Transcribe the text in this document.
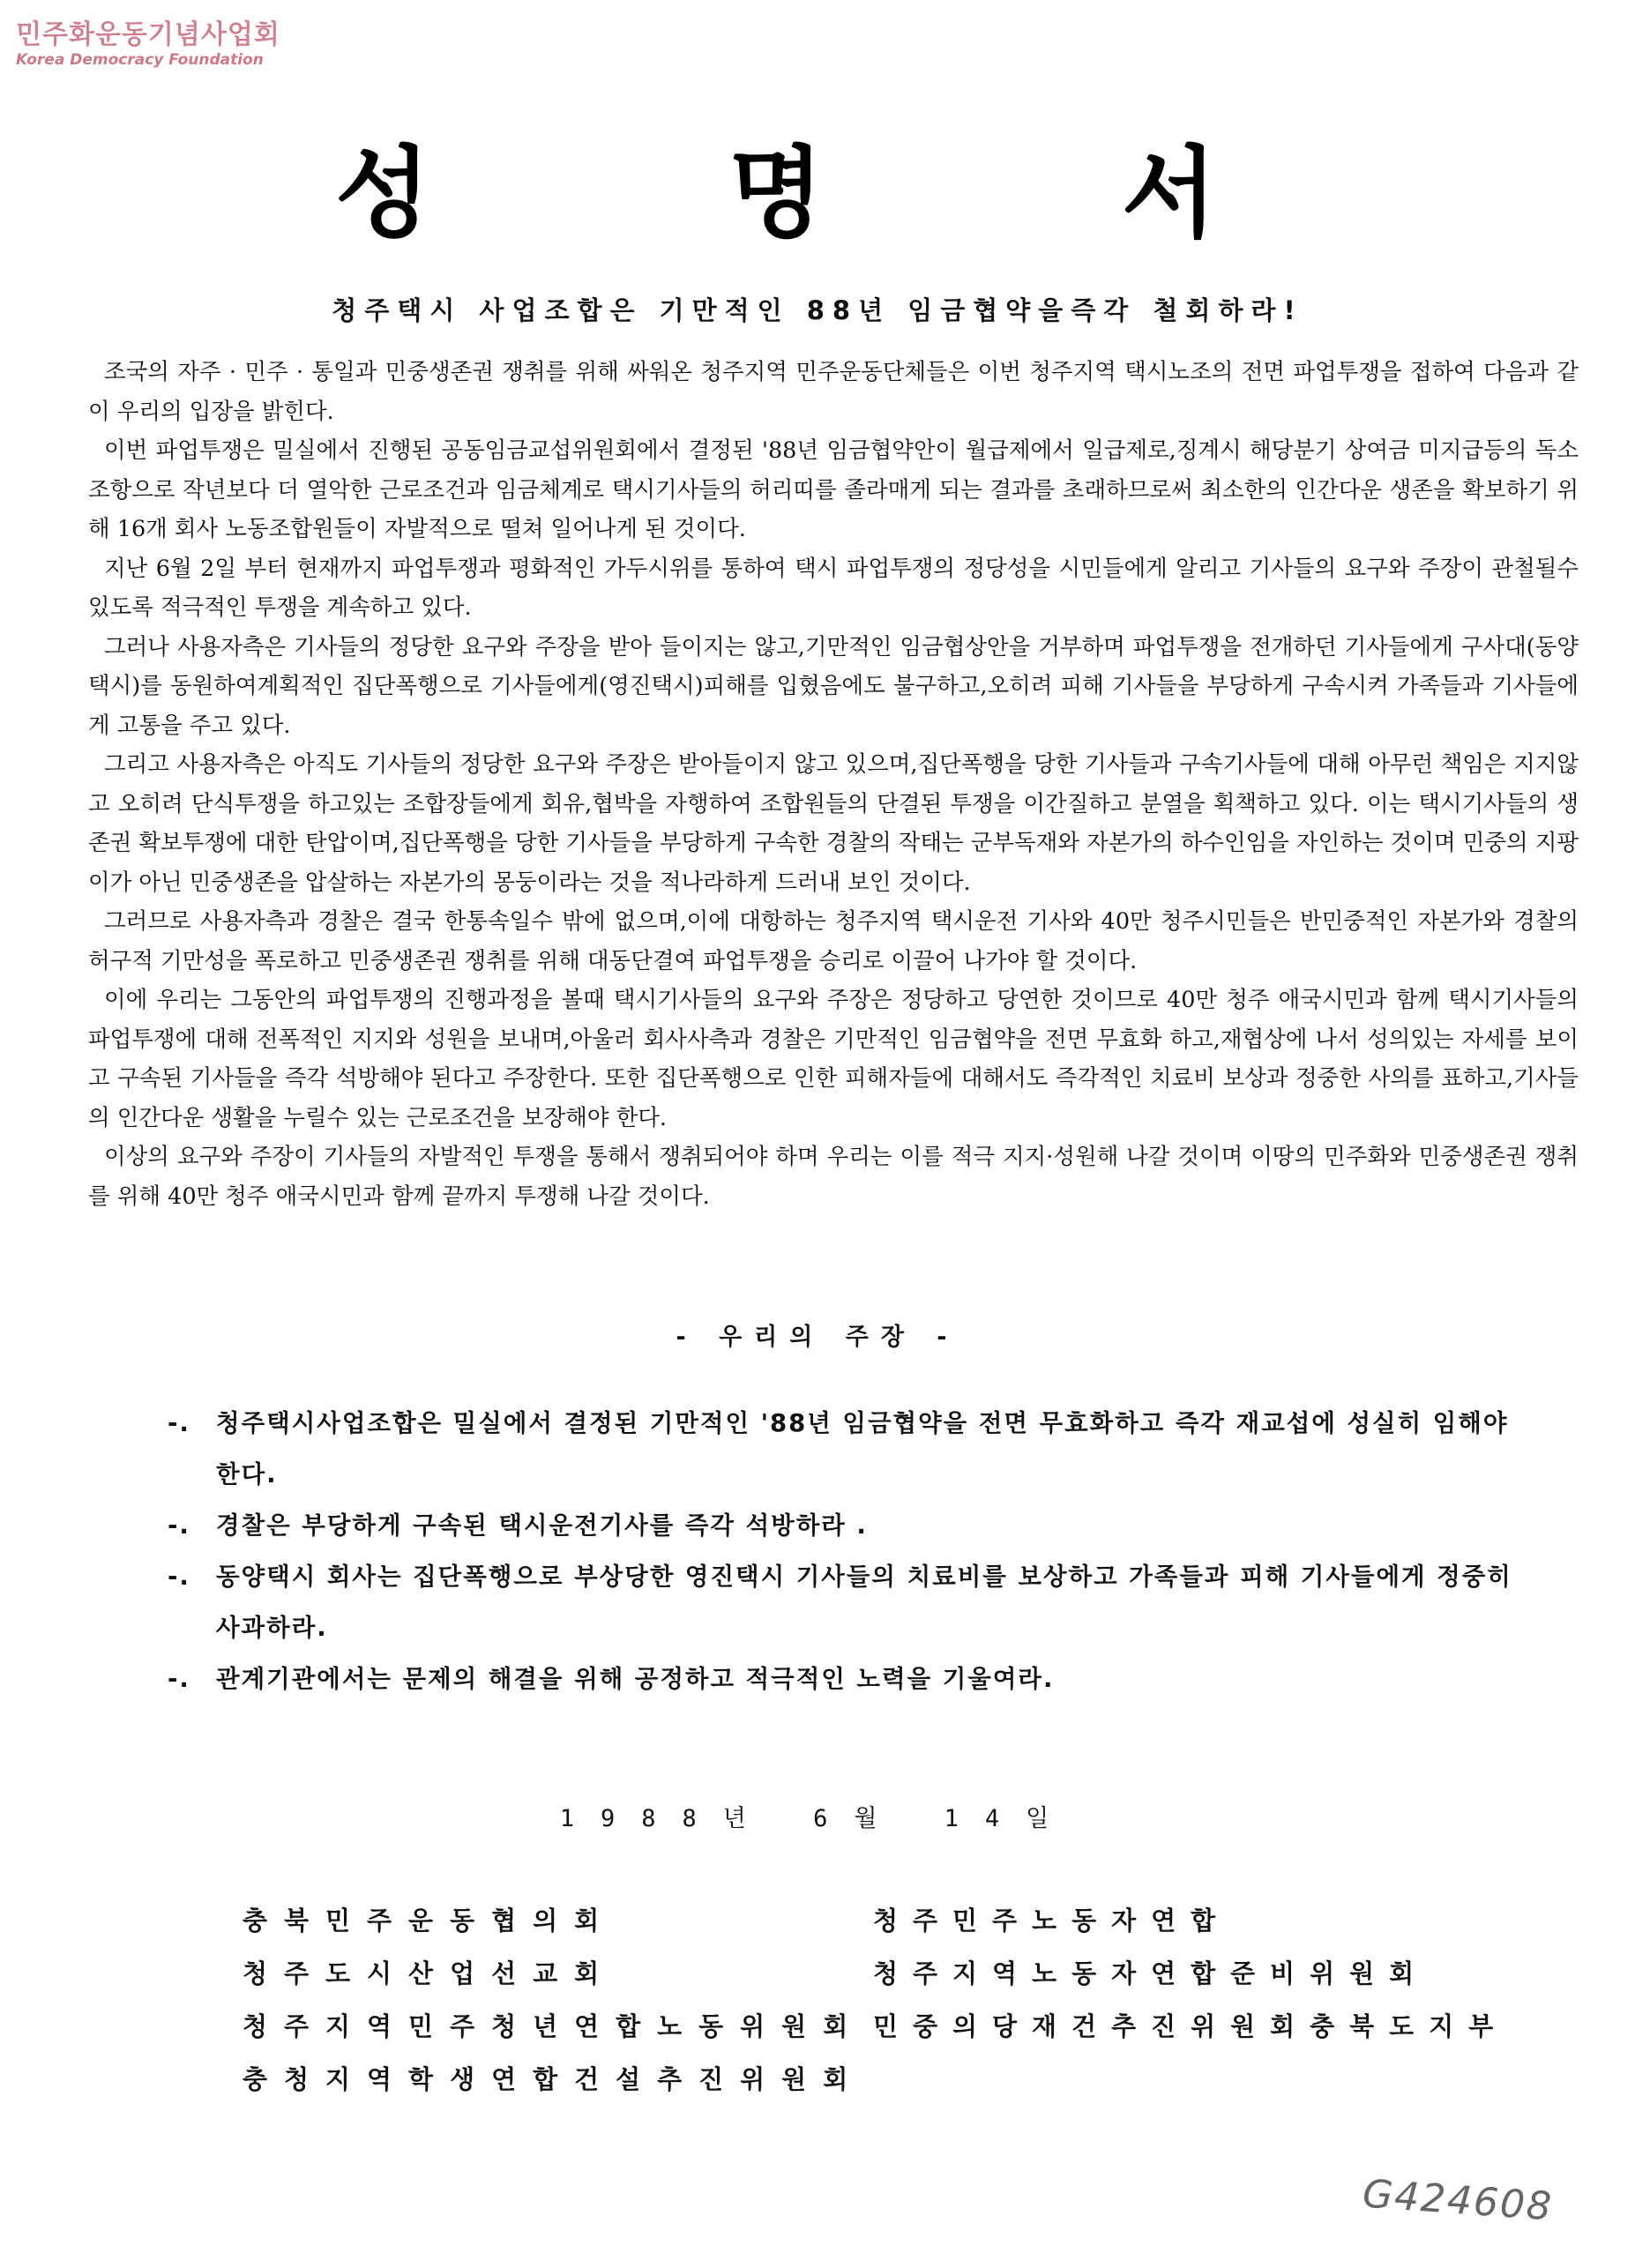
민주화운동기념사업회
Korea Democracy Foundation
성	명	서
청주택시 사업조합은 기만적인 88년 임금협약을즉각 철회하라!

조국의 자주 · 민주 · 통일과 민중생존권 쟁취를 위해 싸워온 청주지역 민주운동단체들은 이번 청주지역 택시노조의 전면 파업투쟁을 접하여 다음과 같이 우리의 입장을 밝힌다.

이번 파업투쟁은 밀실에서 진행된 공동임금교섭위원회에서 결정된 '88년 임금협약안이 월급제에서 일급제로,징계시 해당분기 상여금 미지급등의 독소조항으로 작년보다 더 열악한 근로조건과 임금체계로 택시기사들의 허리띠를 졸라매게 되는 결과를 초래하므로써 최소한의 인간다운 생존을 확보하기 위해 16개 회사 노동조합원들이 자발적으로 떨쳐 일어나게 된 것이다.

지난 6월 2일 부터 현재까지 파업투쟁과 평화적인 가두시위를 통하여 택시 파업투쟁의 정당성을 시민들에게 알리고 기사들의 요구와 주장이 관철될수 있도록 적극적인 투쟁을 계속하고 있다.

그러나 사용자측은 기사들의 정당한 요구와 주장을 받아 들이지는 않고,기만적인 임금협상안을 거부하며 파업투쟁을 전개하던 기사들에게 구사대(동양택시)를 동원하여계획적인 집단폭행으로 기사들에게(영진택시)피해를 입혔음에도 불구하고,오히려 피해 기사들을 부당하게 구속시켜 가족들과 기사들에게 고통을 주고 있다.

그리고 사용자측은 아직도 기사들의 정당한 요구와 주장은 받아들이지 않고 있으며,집단폭행을 당한 기사들과 구속기사들에 대해 아무런 책임은 지지않고 오히려 단식투쟁을 하고있는 조합장들에게 회유,협박을 자행하여 조합원들의 단결된 투쟁을 이간질하고 분열을 획책하고 있다. 이는 택시기사들의 생존권 확보투쟁에 대한 탄압이며,집단폭행을 당한 기사들을 부당하게 구속한 경찰의 작태는 군부독재와 자본가의 하수인임을 자인하는 것이며 민중의 지팡이가 아닌 민중생존을 압살하는 자본가의 몽둥이라는 것을 적나라하게 드러내 보인 것이다.

그러므로 사용자측과 경찰은 결국 한통속일수 밖에 없으며,이에 대항하는 청주지역 택시운전 기사와 40만 청주시민들은 반민중적인 자본가와 경찰의 허구적 기만성을 폭로하고 민중생존권 쟁취를 위해 대동단결여 파업투쟁을 승리로 이끌어 나가야 할 것이다.

이에 우리는 그동안의 파업투쟁의 진행과정을 볼때 택시기사들의 요구와 주장은 정당하고 당연한 것이므로 40만 청주 애국시민과 함께 택시기사들의 파업투쟁에 대해 전폭적인 지지와 성원을 보내며,아울러 회사사측과 경찰은 기만적인 임금협약을 전면 무효화 하고,재협상에 나서 성의있는 자세를 보이고 구속된 기사들을 즉각 석방해야 된다고 주장한다. 또한 집단폭행으로 인한 피해자들에 대해서도 즉각적인 치료비 보상과 정중한 사의를 표하고,기사들의 인간다운 생활을 누릴수 있는 근로조건을 보장해야 한다.

이상의 요구와 주장이 기사들의 자발적인 투쟁을 통해서 쟁취되어야 하며 우리는 이를 적극 지지·성원해 나갈 것이며 이땅의 민주화와 민중생존권 쟁취를 위해 40만 청주 애국시민과 함께 끝까지 투쟁해 나갈 것이다.

- 우리의 주장 -
-.	청주택시사업조합은 밀실에서 결정된 기만적인 '88년 임금협약을 전면 무효화하고 즉각 재교섭에 성실히 임해야 한다.
-.	경찰은 부당하게 구속된 택시운전기사를 즉각 석방하라 .
-.	동양택시 회사는 집단폭행으로 부상당한 영진택시 기사들의 치료비를 보상하고 가족들과 피해 기사들에게 정중히 사과하라.
-.	관계기관에서는 문제의 해결을 위해 공정하고 적극적인 노력을 기울여라.
1988년 6월 14일
충북민주운동협의회	청주민주노동자연합
청주도시산업선교회	청주지역노동자연합준비위원회
청주지역민주청년연합노동위원회 민중의당재건추진위원회충북도지부
충청지역학생연합건설추진위원회
G424608
